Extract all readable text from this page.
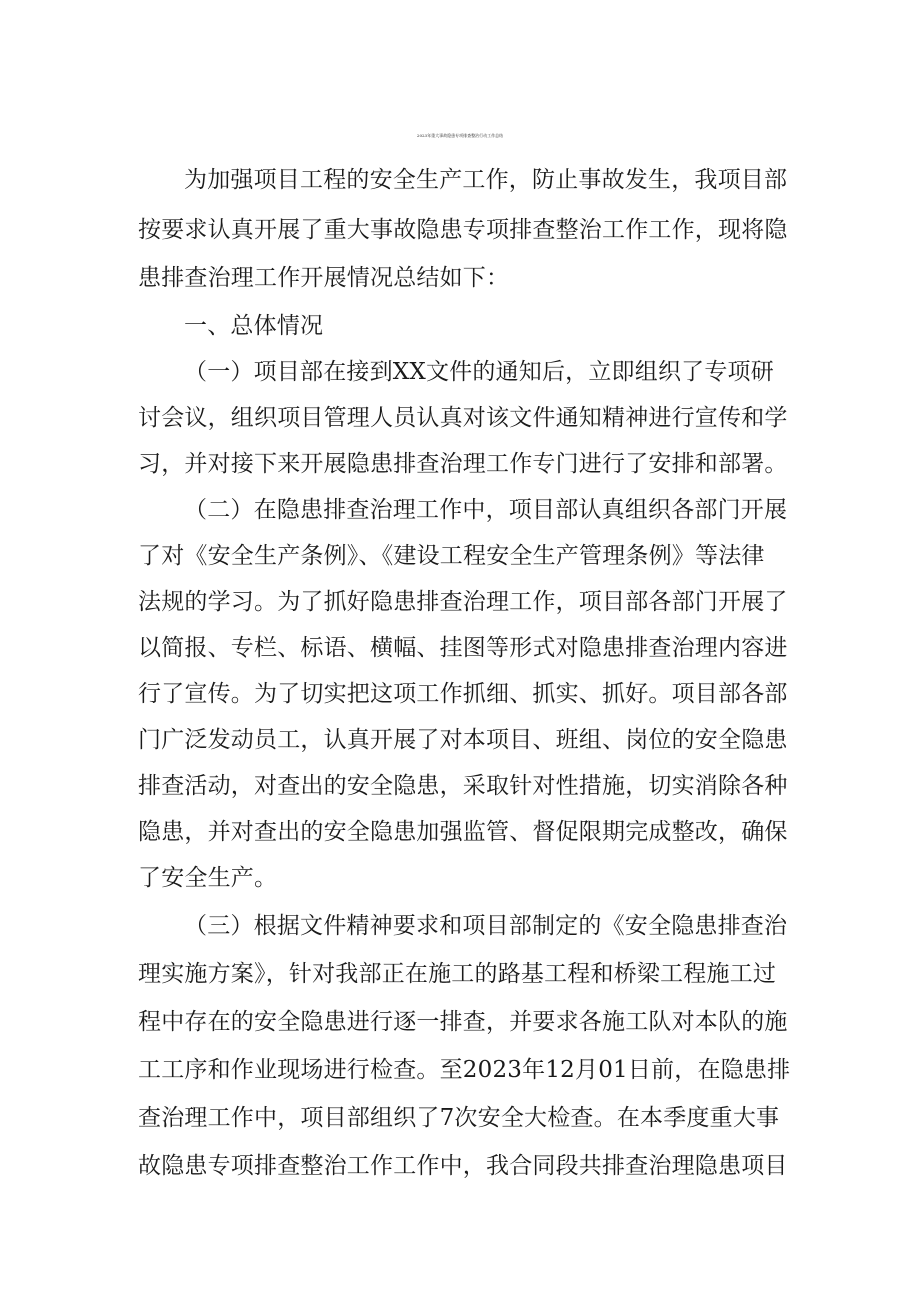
2023年重大事故隐患专项排查整治行动工作总结
为加强项目工程的安全生产工作，防止事故发生，我项目部
按要求认真开展了重大事故隐患专项排查整治工作工作，现将隐
患排查治理工作开展情况总结如下：
一、总体情况
（一）项目部在接到XX文件的通知后，立即组织了专项研
讨会议，组织项目管理人员认真对该文件通知精神进行宣传和学
习，并对接下来开展隐患排查治理工作专门进行了安排和部署。
（二）在隐患排查治理工作中，项目部认真组织各部门开展
了对《安全生产条例》、《建设工程安全生产管理条例》等法律
法规的学习。为了抓好隐患排查治理工作，项目部各部门开展了
以简报、专栏、标语、横幅、挂图等形式对隐患排查治理内容进
行了宣传。为了切实把这项工作抓细、抓实、抓好。项目部各部
门广泛发动员工，认真开展了对本项目、班组、岗位的安全隐患
排查活动，对查出的安全隐患，采取针对性措施，切实消除各种
隐患，并对查出的安全隐患加强监管、督促限期完成整改，确保
了安全生产。
（三）根据文件精神要求和项目部制定的《安全隐患排查治
理实施方案》，针对我部正在施工的路基工程和桥梁工程施工过
程中存在的安全隐患进行逐一排查，并要求各施工队对本队的施
工工序和作业现场进行检查。至2023年12月01日前，在隐患排
查治理工作中，项目部组织了7次安全大检查。在本季度重大事
故隐患专项排查整治工作工作中，我合同段共排查治理隐患项目
